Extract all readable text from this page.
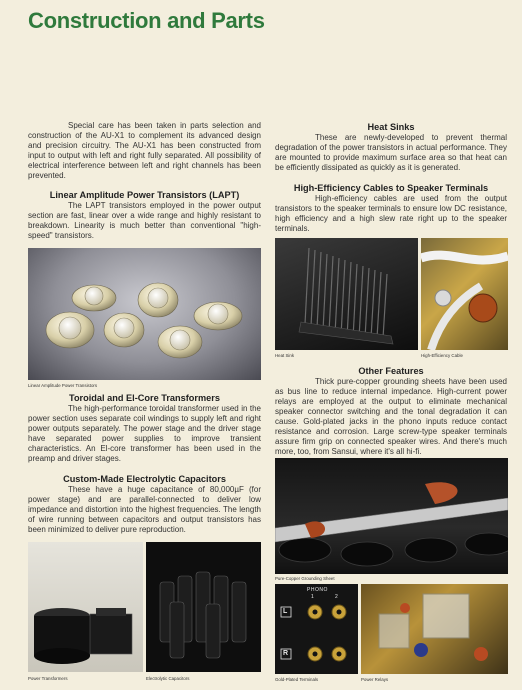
Construction and Parts

Special care has been taken in parts selection and construction of the AU-X1 to complement its advanced design and precision circuitry. The AU-X1 has been constructed from input to output with left and right fully separated. All possibility of electrical interference between left and right channels has been prevented.

Linear Amplitude Power Transistors (LAPT)

The LAPT transistors employed in the power output section are fast, linear over a wide range and highly resistant to breakdown. Linearity is much better than conventional "high-speed" transistors.

Toroidal and El-Core Transformers

The high-performance toroidal transformer used in the power section uses separate coil windings to supply left and right power outputs separately. The power stage and the driver stage have separated power supplies to improve transient characteristics. An El-core transformer has been used in the preamp and driver stages.

Custom-Made Electrolytic Capacitors

These have a huge capacitance of 80,000µF (for power stage) and are parallel-connected to deliver low impedance and distortion into the highest frequencies. The length of wire running between capacitors and output transistors has been minimized to deliver pure reproduction.

Heat Sinks

These are newly-developed to prevent thermal degradation of the power transistors in actual performance. They are mounted to provide maximum surface area so that heat can be efficiently dissipated as quickly as it is generated.

High-Efficiency Cables to Speaker Terminals

High-efficiency cables are used from the output transistors to the speaker terminals to ensure low DC resistance, high efficiency and a high slew rate right up to the speaker terminals.

Other Features

Thick pure-copper grounding sheets have been used as bus line to reduce internal impedance. High-current power relays are employed at the output to eliminate mechanical speaker connector switching and the tonal degradation it can cause. Gold-plated jacks in the phono inputs reduce contact resistance and corrosion. Large screw-type speaker terminals assure firm grip on connected speaker wires. And there's much more, too, from Sansui, where it's all hi-fi.

Linear Amplitude Power Transistors
Heat Sink	High-Efficiency Cable
Pure-Copper Grounding Sheet
Power Transformers	Electrolytic Capacitors
PHONO
1	2
L
R
Gold-Plated Terminals	Power Relays
